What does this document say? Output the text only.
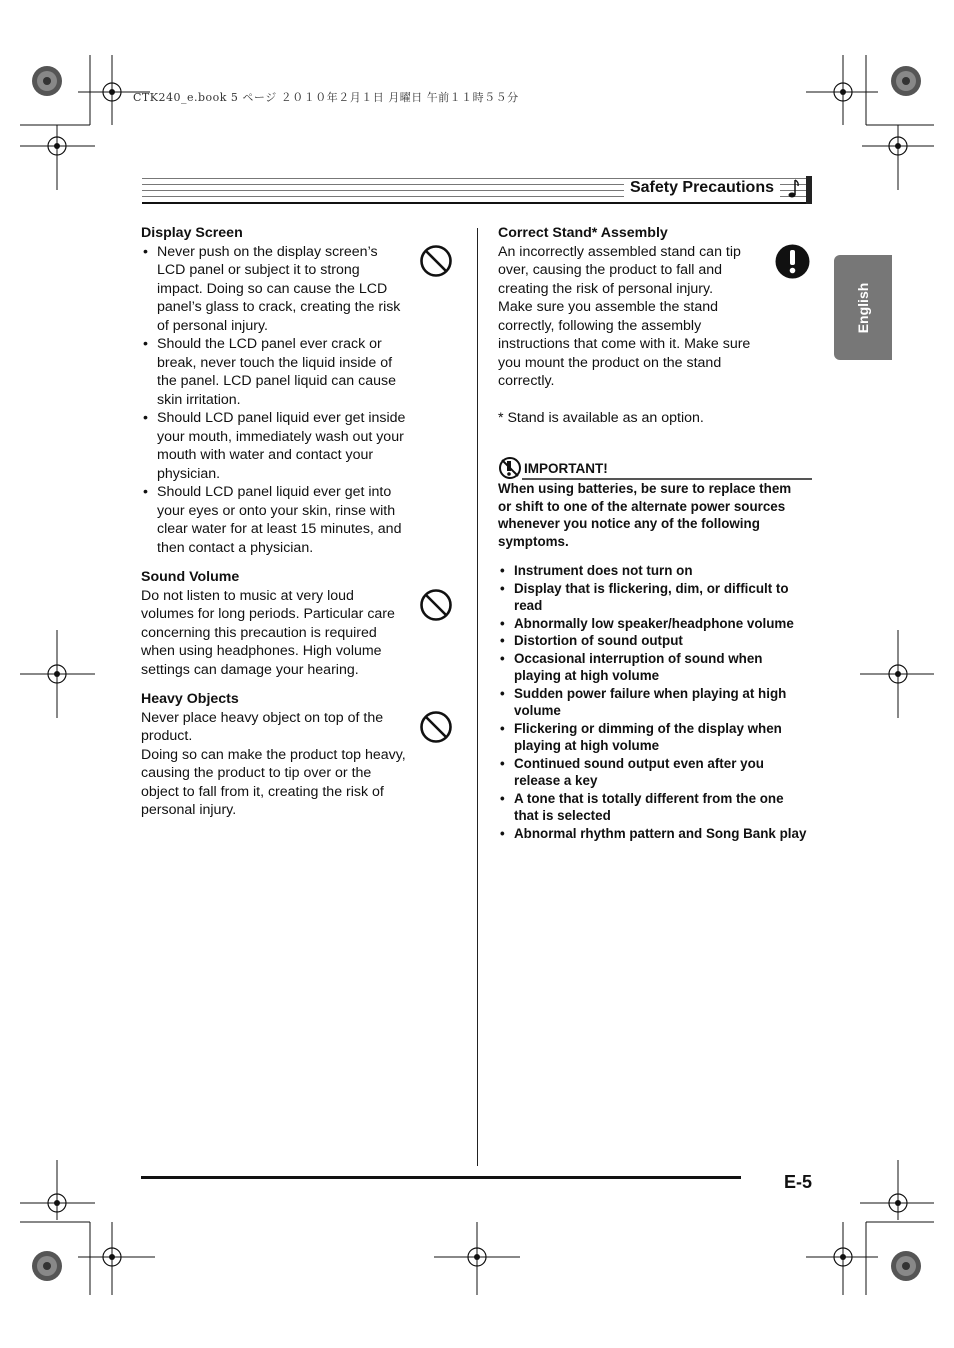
CTK240_e.book 5 ページ ２０１０年２月１日 月曜日 午前１１時５５分
Safety Precautions
English
Display Screen
• Never push on the display screen’s LCD panel or subject it to strong impact. Doing so can cause the LCD panel’s glass to crack, creating the risk of personal injury.
• Should the LCD panel ever crack or break, never touch the liquid inside of the panel. LCD panel liquid can cause skin irritation.
• Should LCD panel liquid ever get inside your mouth, immediately wash out your mouth with water and contact your physician.
• Should LCD panel liquid ever get into your eyes or onto your skin, rinse with clear water for at least 15 minutes, and then contact a physician.
Sound Volume

Do not listen to music at very loud volumes for long periods. Particular care concerning this precaution is required when using headphones. High volume settings can damage your hearing.

Heavy Objects

Never place heavy object on top of the product.

Doing so can make the product top heavy, causing the product to tip over or the object to fall from it, creating the risk of personal injury.

Correct Stand* Assembly

An incorrectly assembled stand can tip over, causing the product to fall and creating the risk of personal injury.

Make sure you assemble the stand correctly, following the assembly instructions that come with it. Make sure you mount the product on the stand correctly.

* Stand is available as an option.

IMPORTANT!
When using batteries, be sure to replace them or shift to one of the alternate power sources whenever you notice any of the following symptoms.
• Instrument does not turn on
• Display that is flickering, dim, or difficult to read
• Abnormally low speaker/headphone volume
• Distortion of sound output
• Occasional interruption of sound when playing at high volume
• Sudden power failure when playing at high volume
• Flickering or dimming of the display when playing at high volume
• Continued sound output even after you release a key
• A tone that is totally different from the one that is selected
• Abnormal rhythm pattern and Song Bank play
E-5
